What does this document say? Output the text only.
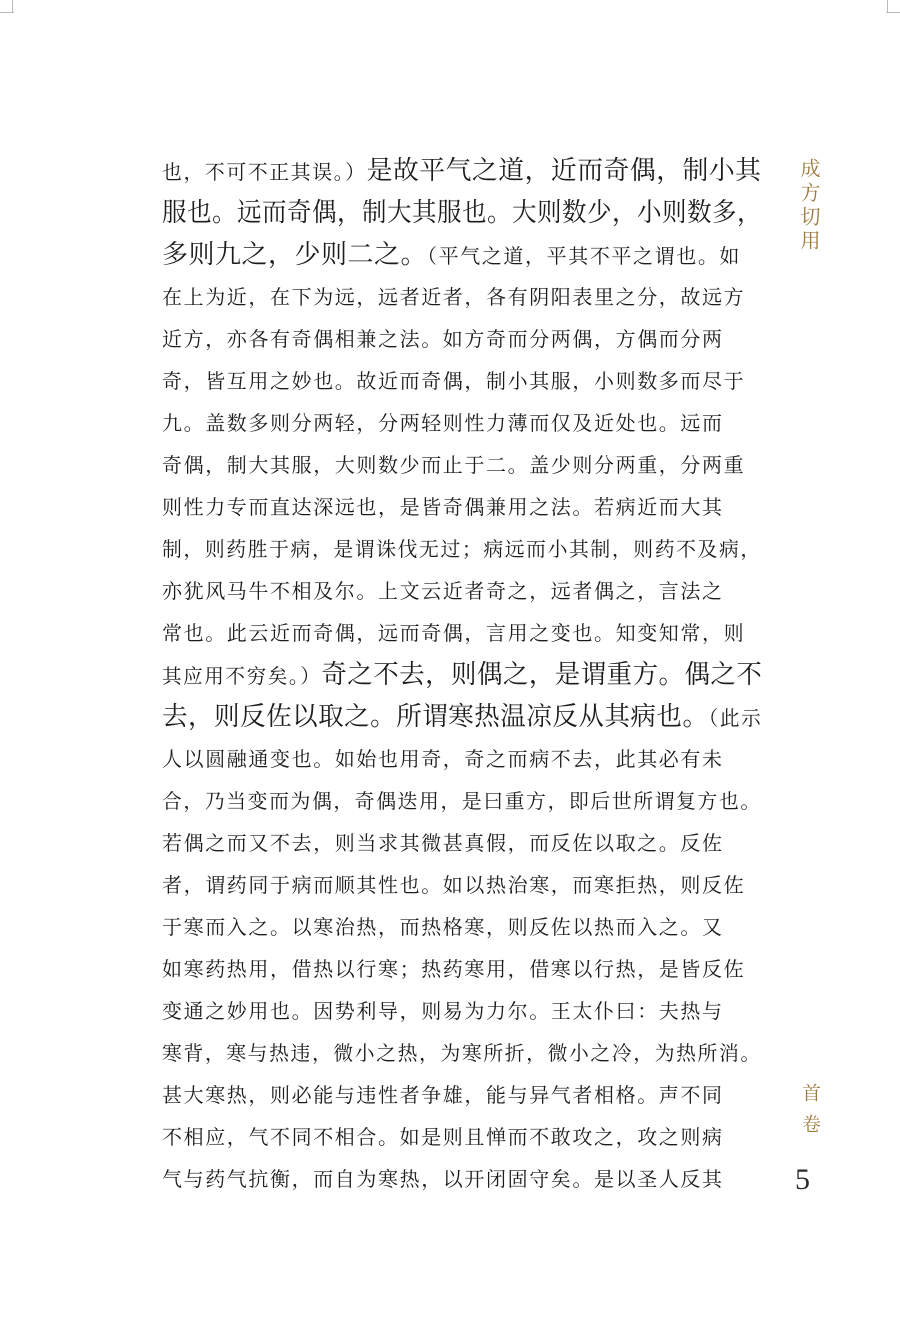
也，不可不正其误。）是故平气之道，近而奇偶，制小其
服也。远而奇偶，制大其服也。大则数少，小则数多，
多则九之，少则二之。（平气之道，平其不平之谓也。如
在上为近，在下为远，远者近者，各有阴阳表里之分，故远方
近方，亦各有奇偶相兼之法。如方奇而分两偶，方偶而分两
奇，皆互用之妙也。故近而奇偶，制小其服，小则数多而尽于
九。盖数多则分两轻，分两轻则性力薄而仅及近处也。远而
奇偶，制大其服，大则数少而止于二。盖少则分两重，分两重
则性力专而直达深远也，是皆奇偶兼用之法。若病近而大其
制，则药胜于病，是谓诛伐无过；病远而小其制，则药不及病，
亦犹风马牛不相及尔。上文云近者奇之，远者偶之，言法之
常也。此云近而奇偶，远而奇偶，言用之变也。知变知常，则
其应用不穷矣。）奇之不去，则偶之，是谓重方。偶之不
去，则反佐以取之。所谓寒热温凉反从其病也。（此示
人以圆融通变也。如始也用奇，奇之而病不去，此其必有未
合，乃当变而为偶，奇偶迭用，是曰重方，即后世所谓复方也。
若偶之而又不去，则当求其微甚真假，而反佐以取之。反佐
者，谓药同于病而顺其性也。如以热治寒，而寒拒热，则反佐
于寒而入之。以寒治热，而热格寒，则反佐以热而入之。又
如寒药热用，借热以行寒；热药寒用，借寒以行热，是皆反佐
变通之妙用也。因势利导，则易为力尔。王太仆曰：夫热与
寒背，寒与热违，微小之热，为寒所折，微小之冷，为热所消。
甚大寒热，则必能与违性者争雄，能与异气者相格。声不同
不相应，气不同不相合。如是则且惮而不敢攻之，攻之则病
气与药气抗衡，而自为寒热，以开闭固守矣。是以圣人反其
成方切用
首卷
5
